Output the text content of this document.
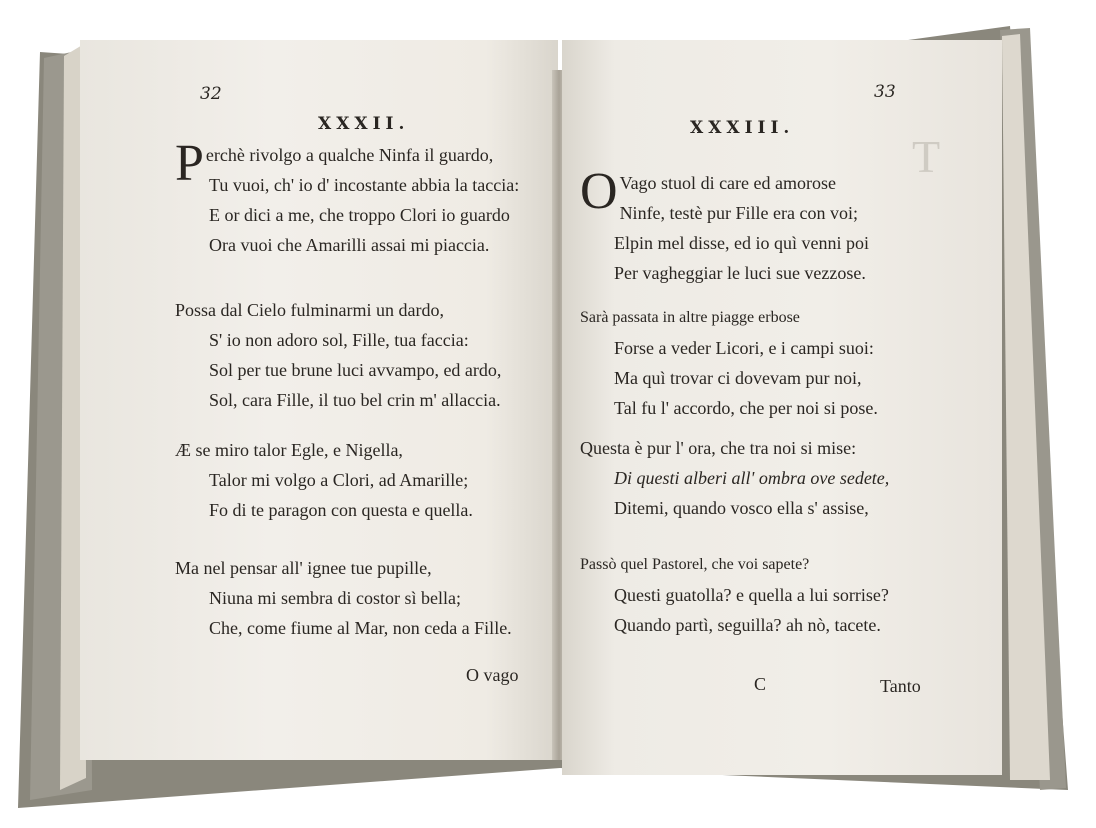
32
XXXII.
Perchè rivolgo a qualche Ninfa il guardo,
Tu vuoi, ch' io d' incostante abbia la taccia:
E or dici a me, che troppo Clori io guardo
Ora vuoi che Amarilli assai mi piaccia.
Possa dal Cielo fulminarmi un dardo,
S' io non adoro sol, Fille, tua faccia:
Sol per tue brune luci avvampo, ed ardo,
Sol, cara Fille, il tuo bel crin m' allaccia.
Æ se miro talor Egle, e Nigella,
Talor mi volgo a Clori, ad Amarille;
Fo di te paragon con questa e quella.
Ma nel pensar all' ignee tue pupille,
Niuna mi sembra di costor sì bella;
Che, come fiume al Mar, non ceda a Fille.
O vago
33
XXXIII.
T
O Vago stuol di care ed amorose
Ninfe, testè pur Fille era con voi;
Elpin mel disse, ed io quì venni poi
Per vagheggiar le luci sue vezzose.
Sarà passata in altre piagge erbose
Forse a veder Licori, e i campi suoi:
Ma quì trovar ci dovevam pur noi,
Tal fu l' accordo, che per noi si pose.
Questa è pur l' ora, che tra noi si mise:
Di questi alberi all' ombra ove sedete,
Ditemi, quando vosco ella s' assise,
Passò quel Pastorel, che voi sapete?
Questi guatolla? e quella a lui sorrise?
Quando partì, seguilla? ah nò, tacete.
C	Tanto
